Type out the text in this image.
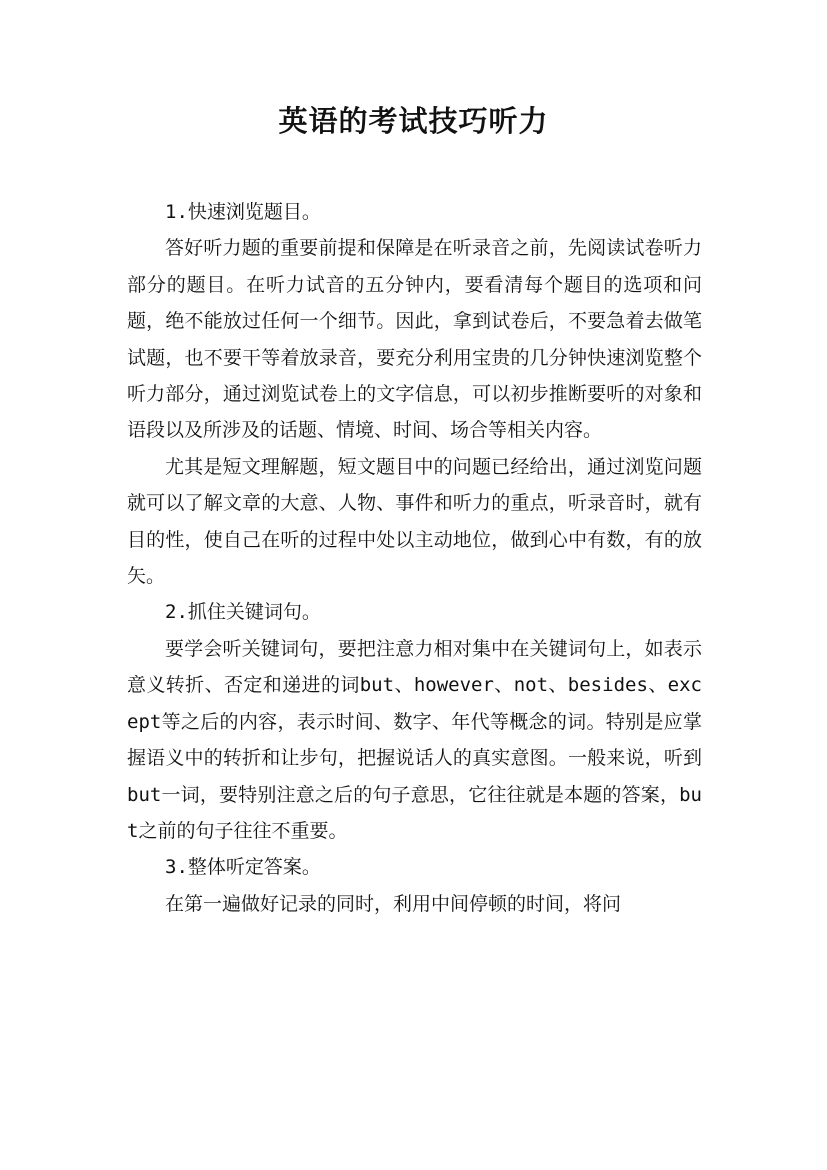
英语的考试技巧听力

1.快速浏览题目。

答好听力题的重要前提和保障是在听录音之前，先阅读试卷听力部分的题目。在听力试音的五分钟内，要看清每个题目的选项和问题，绝不能放过任何一个细节。因此，拿到试卷后，不要急着去做笔试题，也不要干等着放录音，要充分利用宝贵的几分钟快速浏览整个听力部分，通过浏览试卷上的文字信息，可以初步推断要听的对象和语段以及所涉及的话题、情境、时间、场合等相关内容。

尤其是短文理解题，短文题目中的问题已经给出，通过浏览问题就可以了解文章的大意、人物、事件和听力的重点，听录音时，就有目的性，使自己在听的过程中处以主动地位，做到心中有数，有的放矢。

2.抓住关键词句。

要学会听关键词句，要把注意力相对集中在关键词句上，如表示意义转折、否定和递进的词but、however、not、besides、except等之后的内容，表示时间、数字、年代等概念的词。特别是应掌握语义中的转折和让步句，把握说话人的真实意图。一般来说，听到but一词，要特别注意之后的句子意思，它往往就是本题的答案，but之前的句子往往不重要。

3.整体听定答案。

在第一遍做好记录的同时，利用中间停顿的时间，将问
